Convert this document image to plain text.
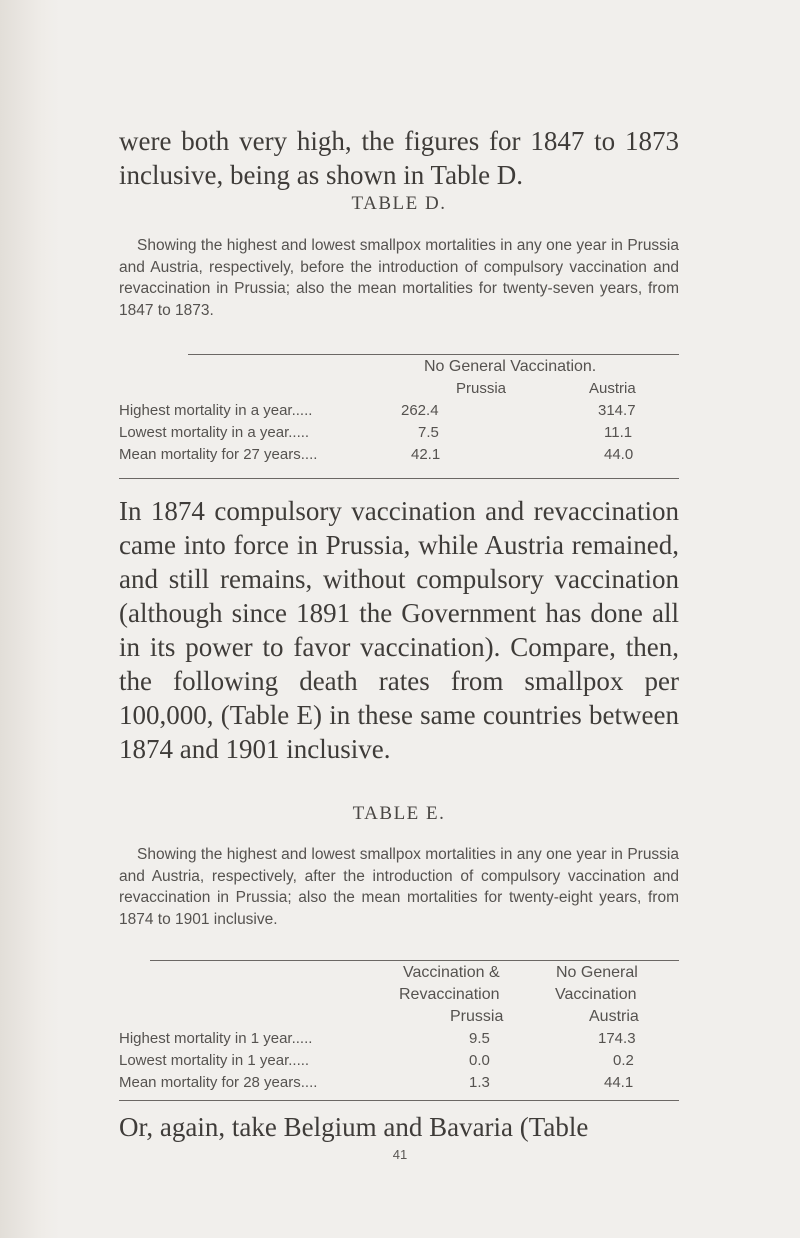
were both very high, the figures for 1847 to 1873 inclusive, being as shown in Table D.

TABLE D.

Showing the highest and lowest smallpox mortalities in any one year in Prussia and Austria, respectively, before the introduction of compulsory vaccination and revaccination in Prussia; also the mean mortalities for twenty-seven years, from 1847 to 1873.

No General Vaccination.
Prussia	Austria
Highest mortality in a year.....	262.4	314.7
Lowest mortality in a year.....	7.5	11.1
Mean mortality for 27 years....	42.1	44.0

In 1874 compulsory vaccination and revaccination came into force in Prussia, while Austria remained, and still remains, without compulsory vaccination (although since 1891 the Government has done all in its power to favor vaccination). Compare, then, the following death rates from smallpox per 100,000, (Table E) in these same countries between 1874 and 1901 inclusive.

TABLE E.

Showing the highest and lowest smallpox mortalities in any one year in Prussia and Austria, respectively, after the introduction of compulsory vaccination and revaccination in Prussia; also the mean mortalities for twenty-eight years, from 1874 to 1901 inclusive.

Vaccination &	No General
Revaccination	Vaccination
Prussia	Austria
Highest mortality in 1 year.....	9.5	174.3
Lowest mortality in 1 year.....	0.0	0.2
Mean mortality for 28 years....	1.3	44.1

Or, again, take Belgium and Bavaria (Table

41
